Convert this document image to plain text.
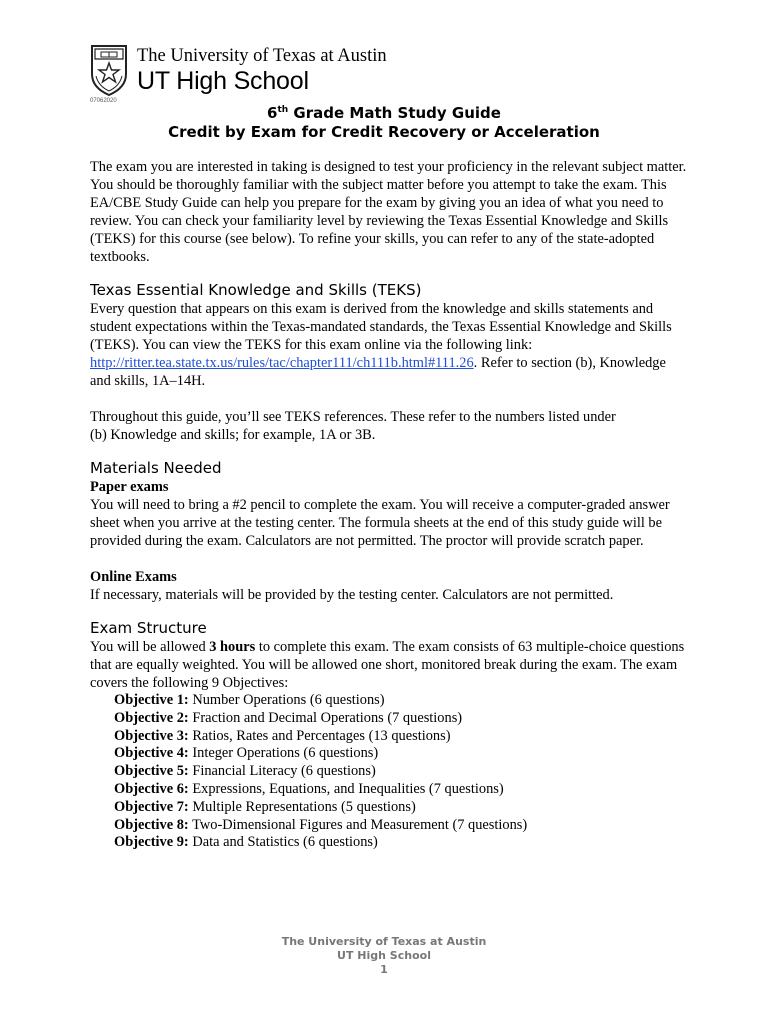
The University of Texas at Austin
UT High School
07062020
6th Grade Math Study Guide
Credit by Exam for Credit Recovery or Acceleration

The exam you are interested in taking is designed to test your proficiency in the relevant subject matter. You should be thoroughly familiar with the subject matter before you attempt to take the exam. This EA/CBE Study Guide can help you prepare for the exam by giving you an idea of what you need to review. You can check your familiarity level by reviewing the Texas Essential Knowledge and Skills (TEKS) for this course (see below). To refine your skills, you can refer to any of the state-adopted textbooks.

Texas Essential Knowledge and Skills (TEKS)

Every question that appears on this exam is derived from the knowledge and skills statements and student expectations within the Texas-mandated standards, the Texas Essential Knowledge and Skills (TEKS). You can view the TEKS for this exam online via the following link: http://ritter.tea.state.tx.us/rules/tac/chapter111/ch111b.html#111.26. Refer to section (b), Knowledge and skills, 1A–14H.

Throughout this guide, you’ll see TEKS references. These refer to the numbers listed under
(b) Knowledge and skills; for example, 1A or 3B.

Materials Needed
Paper exams

You will need to bring a #2 pencil to complete the exam. You will receive a computer-graded answer sheet when you arrive at the testing center. The formula sheets at the end of this study guide will be provided during the exam. Calculators are not permitted. The proctor will provide scratch paper.

Online Exams

If necessary, materials will be provided by the testing center. Calculators are not permitted.

Exam Structure

You will be allowed 3 hours to complete this exam. The exam consists of 63 multiple-choice questions that are equally weighted. You will be allowed one short, monitored break during the exam. The exam covers the following 9 Objectives:

Objective 1: Number Operations (6 questions)
Objective 2: Fraction and Decimal Operations (7 questions)
Objective 3: Ratios, Rates and Percentages (13 questions)
Objective 4: Integer Operations (6 questions)
Objective 5: Financial Literacy (6 questions)
Objective 6: Expressions, Equations, and Inequalities (7 questions)
Objective 7: Multiple Representations (5 questions)
Objective 8: Two-Dimensional Figures and Measurement (7 questions)
Objective 9: Data and Statistics (6 questions)
The University of Texas at Austin
UT High School
1
